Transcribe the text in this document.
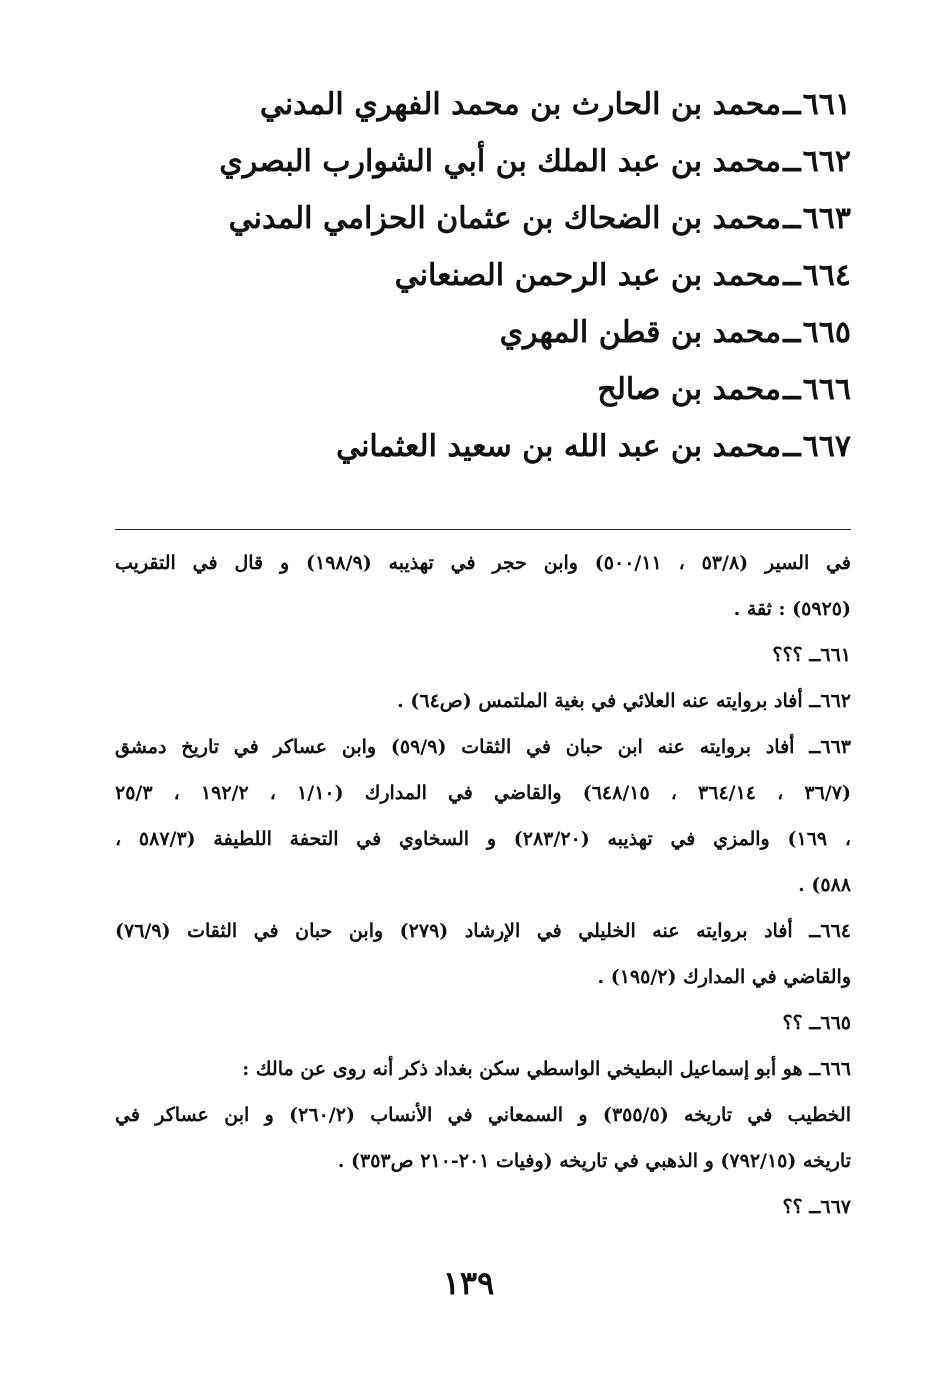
٦٦١ــمحمد بن الحارث بن محمد الفهري المدني
٦٦٢ــمحمد بن عبد الملك بن أبي الشوارب البصري
٦٦٣ــمحمد بن الضحاك بن عثمان الحزامي المدني
٦٦٤ــمحمد بن عبد الرحمن الصنعاني
٦٦٥ــمحمد بن قطن المهري
٦٦٦ــمحمد بن صالح
٦٦٧ــمحمد بن عبد الله بن سعيد العثماني
في السير (٥٣/٨ ، ٥٠٠/١١) وابن حجر في تهذيبه (١٩٨/٩) و قال في التقريب
(٥٩٢٥) : ثقة .
٦٦١ــ ؟؟؟
٦٦٢ــ أفاد بروايته عنه العلائي في بغية الملتمس (ص٦٤) .
٦٦٣ــ أفاد بروايته عنه ابن حبان في الثقات (٥٩/٩) وابن عساكر في تاريخ دمشق
(٣٦/٧ ، ٣٦٤/١٤ ، ٦٤٨/١٥) والقاضي في المدارك (١/١٠ ، ١٩٢/٢ ، ٢٥/٣
، ١٦٩) والمزي في تهذيبه (٢٨٣/٢٠) و السخاوي في التحفة اللطيفة (٥٨٧/٣ ،
٥٨٨) .
٦٦٤ــ أفاد بروايته عنه الخليلي في الإرشاد (٢٧٩) وابن حبان في الثقات (٧٦/٩)
والقاضي في المدارك (١٩٥/٢) .
٦٦٥ــ ؟؟
٦٦٦ــ هو أبو إسماعيل البطيخي الواسطي سكن بغداد ذكر أنه روى عن مالك :
الخطيب في تاريخه (٣٥٥/٥) و السمعاني في الأنساب (٢٦٠/٢) و ابن عساكر في
تاريخه (٧٩٢/١٥) و الذهبي في تاريخه (وفيات ٢٠١-٢١٠ ص٣٥٣) .
٦٦٧ــ ؟؟
١٣٩
